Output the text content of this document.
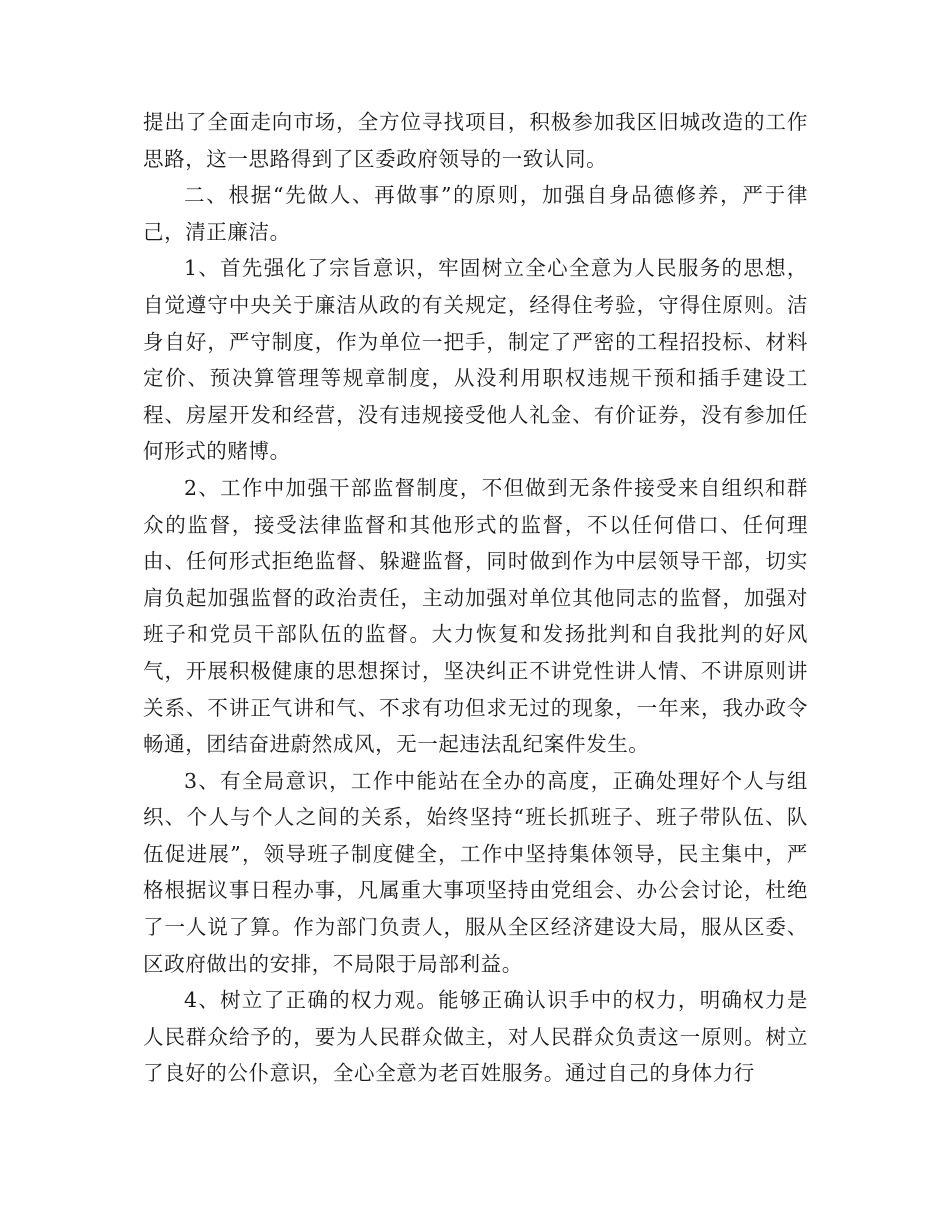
提出了全面走向市场，全方位寻找项目，积极参加我区旧城改造的工作思路，这一思路得到了区委政府领导的一致认同。

二、根据“先做人、再做事”的原则，加强自身品德修养，严于律己，清正廉洁。

1、首先强化了宗旨意识，牢固树立全心全意为人民服务的思想，自觉遵守中央关于廉洁从政的有关规定，经得住考验，守得住原则。洁身自好，严守制度，作为单位一把手，制定了严密的工程招投标、材料定价、预决算管理等规章制度，从没利用职权违规干预和插手建设工程、房屋开发和经营，没有违规接受他人礼金、有价证券，没有参加任何形式的赌博。

2、工作中加强干部监督制度，不但做到无条件接受来自组织和群众的监督，接受法律监督和其他形式的监督，不以任何借口、任何理由、任何形式拒绝监督、躲避监督，同时做到作为中层领导干部，切实肩负起加强监督的政治责任，主动加强对单位其他同志的监督，加强对班子和党员干部队伍的监督。大力恢复和发扬批判和自我批判的好风气，开展积极健康的思想探讨，坚决纠正不讲党性讲人情、不讲原则讲关系、不讲正气讲和气、不求有功但求无过的现象，一年来，我办政令畅通，团结奋进蔚然成风，无一起违法乱纪案件发生。

3、有全局意识，工作中能站在全办的高度，正确处理好个人与组织、个人与个人之间的关系，始终坚持“班长抓班子、班子带队伍、队伍促进展”，领导班子制度健全，工作中坚持集体领导，民主集中，严格根据议事日程办事，凡属重大事项坚持由党组会、办公会讨论，杜绝了一人说了算。作为部门负责人，服从全区经济建设大局，服从区委、区政府做出的安排，不局限于局部利益。

4、树立了正确的权力观。能够正确认识手中的权力，明确权力是人民群众给予的，要为人民群众做主，对人民群众负责这一原则。树立了良好的公仆意识，全心全意为老百姓服务。通过自己的身体力行
